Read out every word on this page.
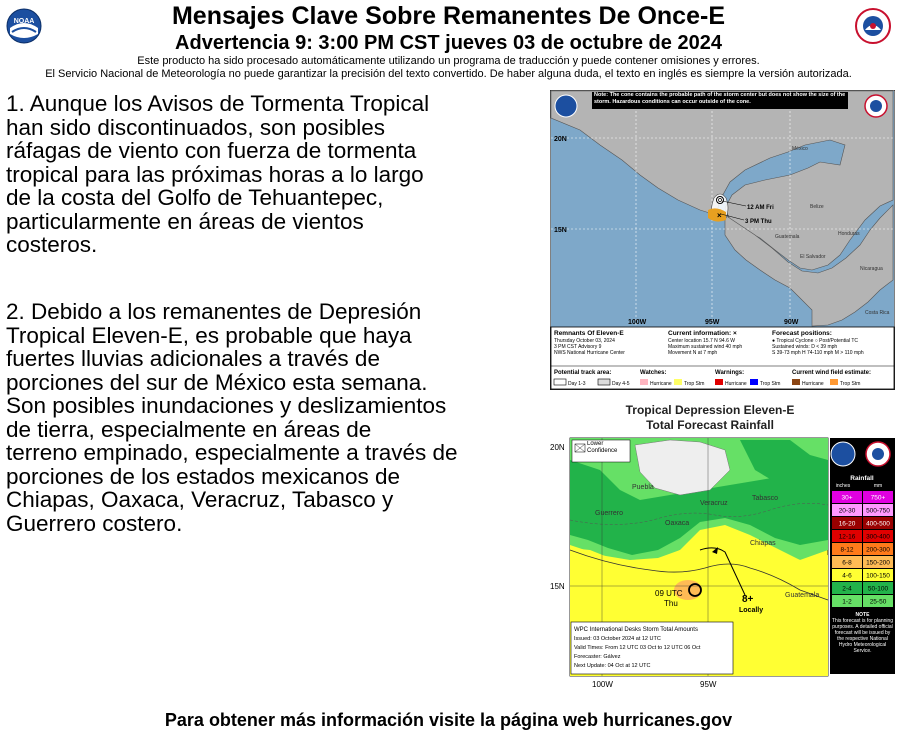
NOAA	Mensajes Clave Sobre Remanentes De Once-E
Advertencia 9: 3:00 PM CST jueves 03 de octubre de 2024
Este producto ha sido procesado automáticamente utilizando un programa de traducción y puede contener omisiones y errores.
El Servicio Nacional de Meteorología no puede garantizar la precisión del texto convertido. De haber alguna duda, el texto en inglés es siempre la versión autorizada.

1. Aunque los Avisos de Tormenta Tropical
han sido discontinuados, son posibles
ráfagas de viento con fuerza de tormenta
tropical para las próximas horas a lo largo
de la costa del Golfo de Tehuantepec,
particularmente en áreas de vientos
costeros.

2. Debido a los remanentes de Depresión
Tropical Eleven-E, es probable que haya
fuertes lluvias adicionales a través de
porciones del sur de México esta semana.
Son posibles inundaciones y deslizamientos
de tierra, especialmente en áreas de
terreno empinado, especialmente a través de
porciones de los estados mexicanos de
Chiapas, Oaxaca, Veracruz, Tabasco y
Guerrero costero.

20N
15N
100W	95W	90W
México
Belize
Guatemala	Honduras
El Salvador
Nicaragua
Costa Rica
×
12 AM Fri
3 PM Thu
Note: The cone contains the probable path of the storm center but does not show the size of the storm. Hazardous conditions can occur outside of the cone.
Remnants Of Eleven-E
Thursday October 03, 2024
3 PM CST Advisory 9
NWS National Hurricane Center
Current information: ×
Center location 15.7 N 94.6 W
Maximum sustained wind 40 mph
Movement N at 7 mph
Forecast positions:
● Tropical Cyclone ○ Post/Potential TC
Sustained winds: D < 39 mph
S 39-73 mph H 74-110 mph M > 110 mph
Potential track area:
Day 1-3	Day 4-5
Watches:
Hurricane Trop Stm
Warnings:
Hurricane	Trop Stm
Current wind field estimate:
Hurricane	Trop Stm
Tropical Depression Eleven-E
Total Forecast Rainfall
20N
15N
100W	95W
Lower
Confidence
Puebla
Veracruz
Guerrero
Oaxaca
Tabasco
Chiapas
Guatemala
09 UTC
Thu	8+
Locally
WPC International Desks Storm Total Amounts
Issued: 03 October 2024 at 12 UTC
Valid Times: From 12 UTC 03 Oct to 12 UTC 06 Oct
Forecaster: Gálvez
Next Update: 04 Oct at 12 UTC
Rainfall
inches	mm
30+	750+
20-30 500-750
16-20 400-500
12-16 300-400
8-12 200-300
6-8 150-200
4-6 100-150
2-4 50-100
1-2	25-50
NOTE
This forecast is for planning purposes. A detailed official forecast will be issued by the respective National Hydro Meteorological Service.
Para obtener más información visite la página web hurricanes.gov
